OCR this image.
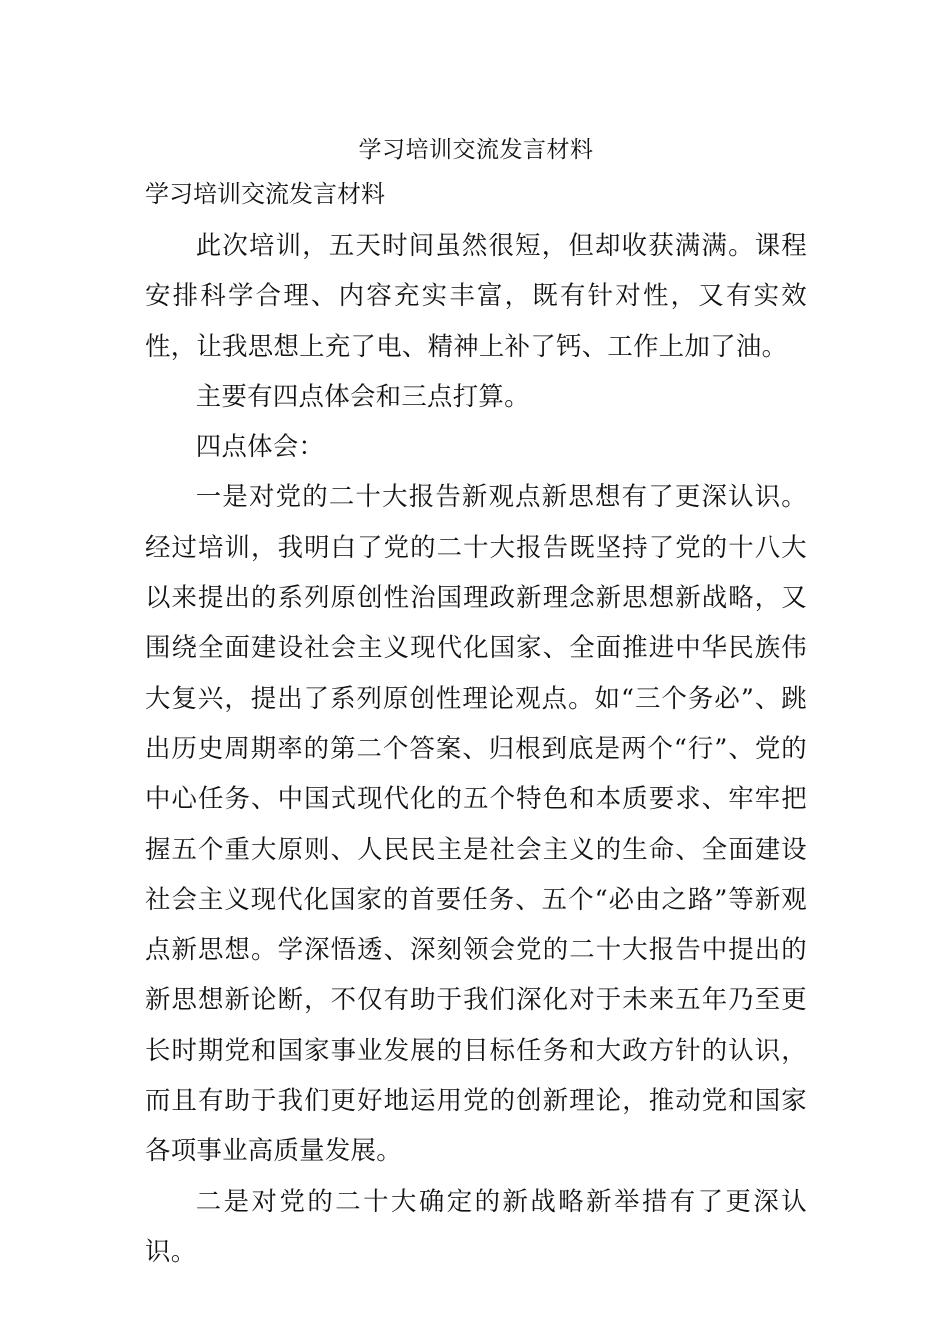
学习培训交流发言材料

学习培训交流发言材料

此次培训，五天时间虽然很短，但却收获满满。课程安排科学合理、内容充实丰富，既有针对性，又有实效性，让我思想上充了电、精神上补了钙、工作上加了油。

主要有四点体会和三点打算。

四点体会：

一是对党的二十大报告新观点新思想有了更深认识。经过培训，我明白了党的二十大报告既坚持了党的十八大以来提出的系列原创性治国理政新理念新思想新战略，又围绕全面建设社会主义现代化国家、全面推进中华民族伟大复兴，提出了系列原创性理论观点。如“三个务必”、跳出历史周期率的第二个答案、归根到底是两个“行”、党的中心任务、中国式现代化的五个特色和本质要求、牢牢把握五个重大原则、人民民主是社会主义的生命、全面建设社会主义现代化国家的首要任务、五个“必由之路”等新观点新思想。学深悟透、深刻领会党的二十大报告中提出的新思想新论断，不仅有助于我们深化对于未来五年乃至更长时期党和国家事业发展的目标任务和大政方针的认识，而且有助于我们更好地运用党的创新理论，推动党和国家各项事业高质量发展。

二是对党的二十大确定的新战略新举措有了更深认识。
